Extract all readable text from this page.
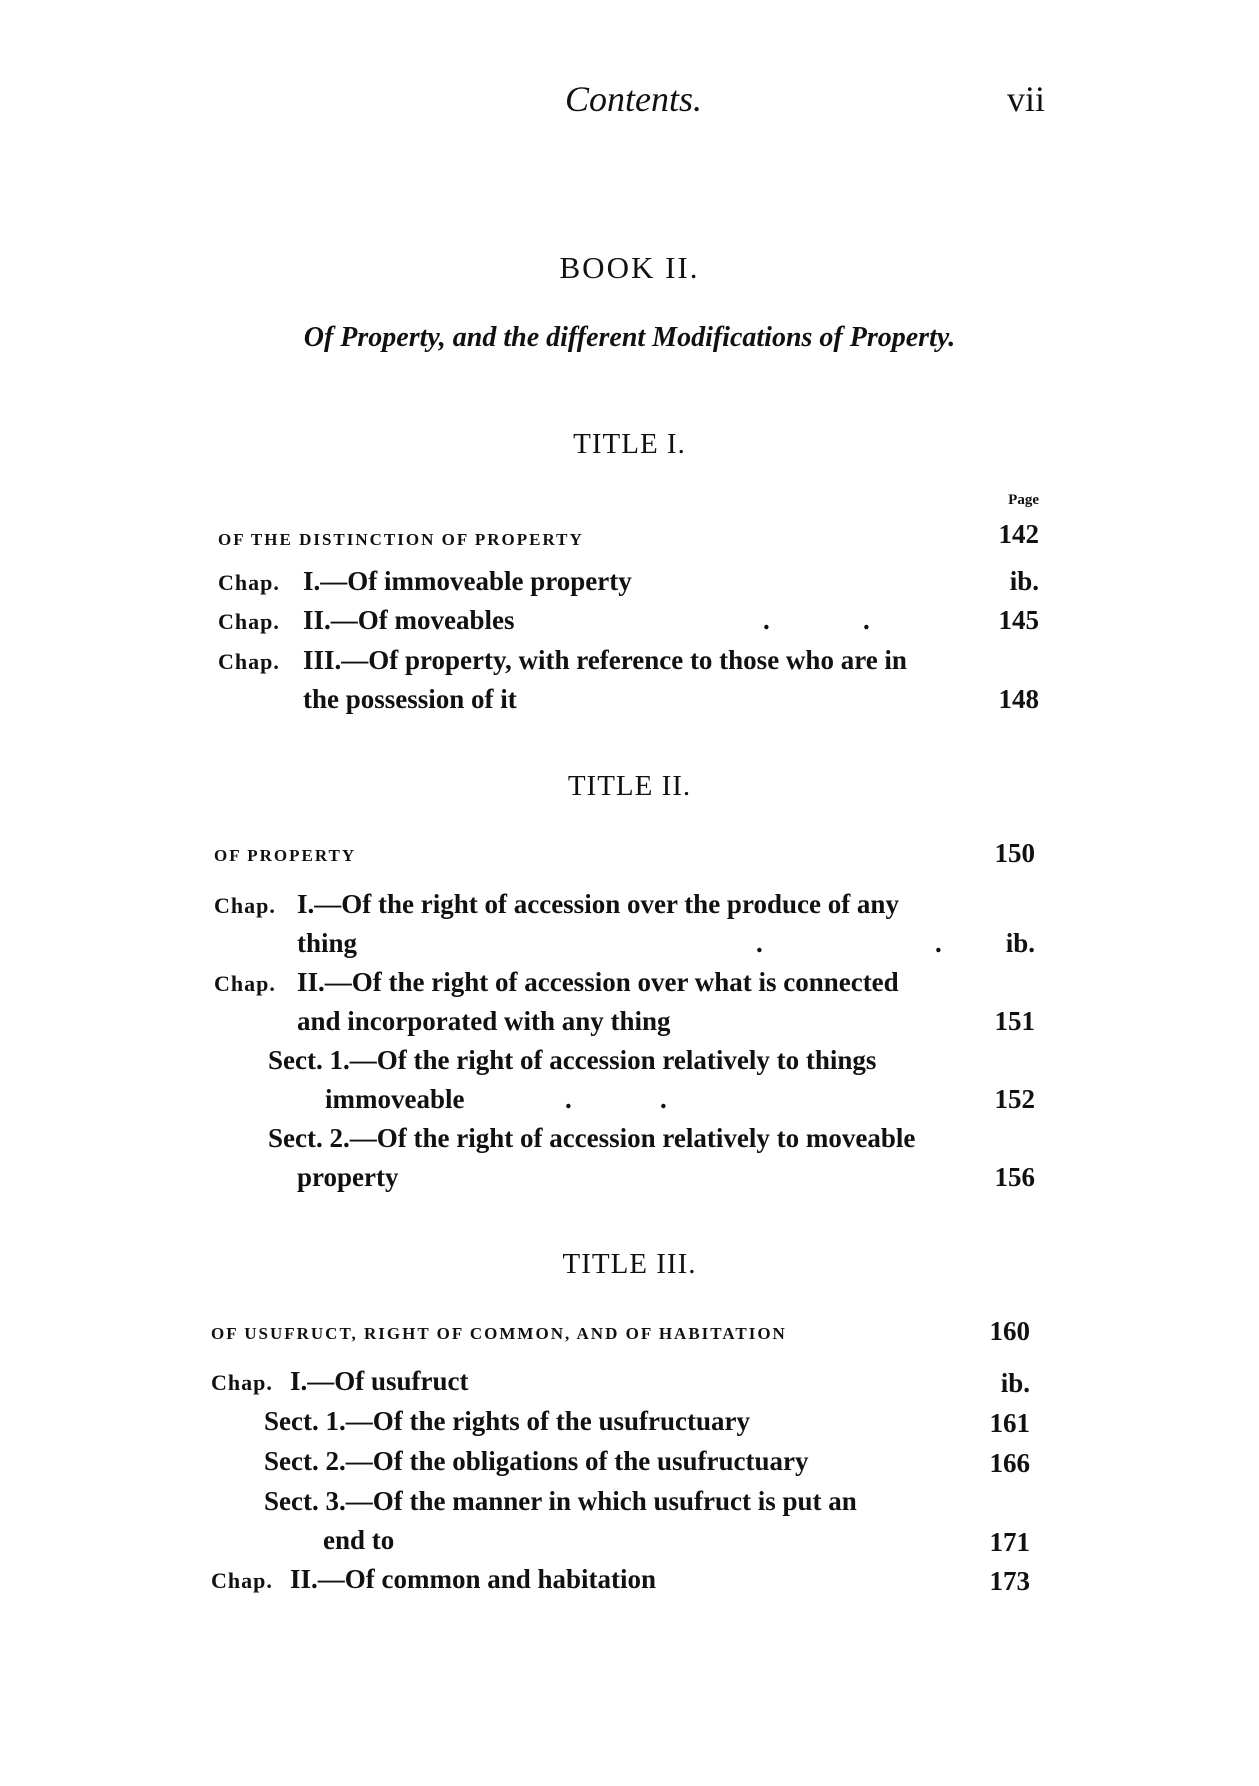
Contents.	vii
BOOK II.
Of Property, and the different Modifications of Property.
TITLE I.
Page
OF THE DISTINCTION OF PROPERTY	142
Chap. I.—Of immoveable property	ib.
Chap. II.—Of moveables	.	.	145
Chap. III.—Of property, with reference to those who are in
the possession of it	148
TITLE II.
OF PROPERTY	150
Chap. I.—Of the right of accession over the produce of any
thing	.	.	ib.
Chap. II.—Of the right of accession over what is connected
and incorporated with any thing	151
Sect. 1.—Of the right of accession relatively to things
immoveable	.	.	152
Sect. 2.—Of the right of accession relatively to moveable
property	156
TITLE III.
OF USUFRUCT, RIGHT OF COMMON, AND OF HABITATION	160
Chap. I.—Of usufruct	ib.
Sect. 1.—Of the rights of the usufructuary	161
Sect. 2.—Of the obligations of the usufructuary	166
Sect. 3.—Of the manner in which usufruct is put an
end to	171
Chap. II.—Of common and habitation	173
